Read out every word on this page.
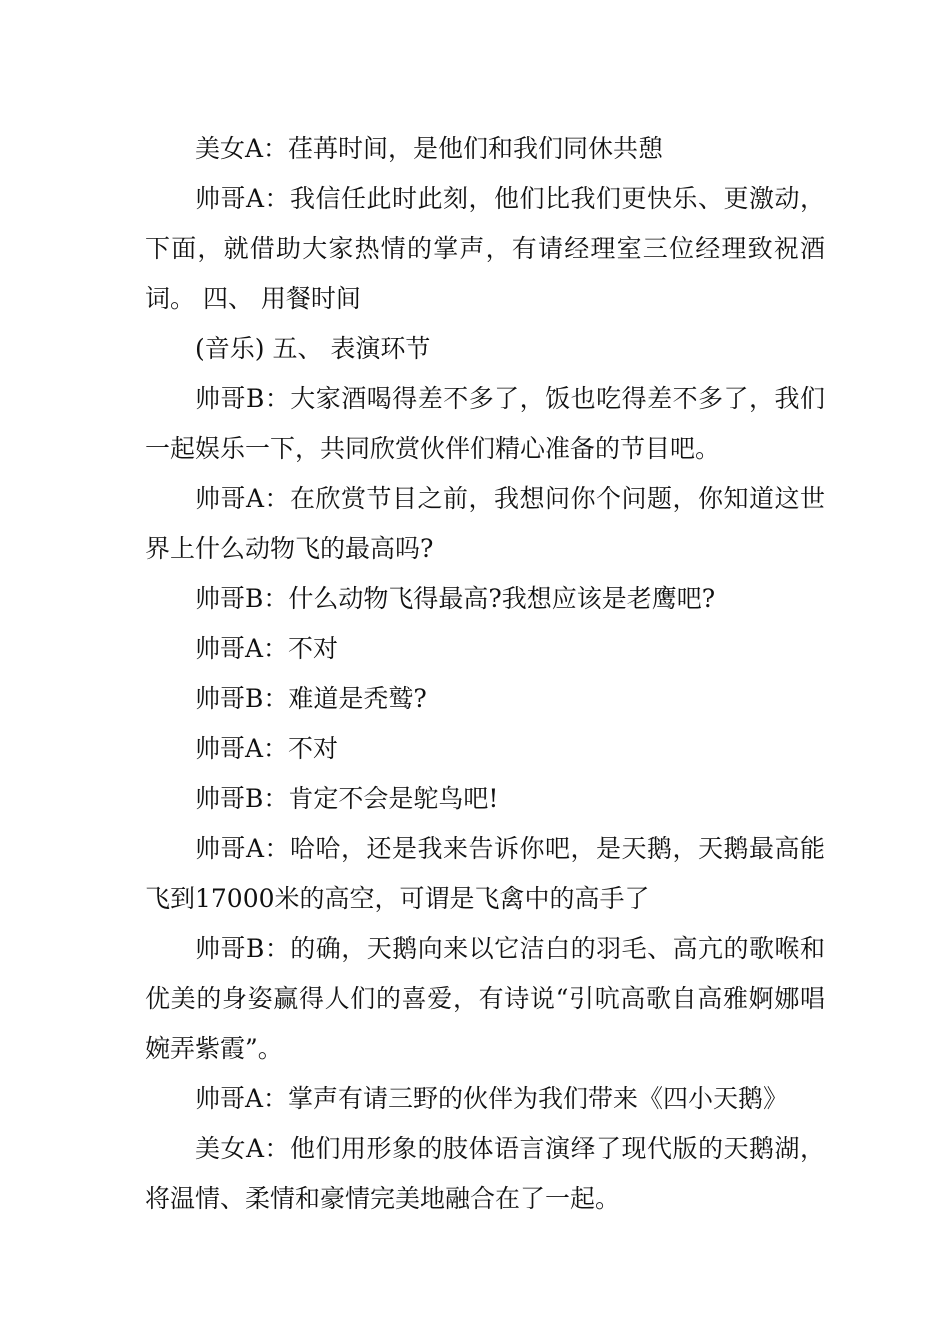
美女A：荏苒时间，是他们和我们同休共憩

帅哥A：我信任此时此刻，他们比我们更快乐、更激动，下面，就借助大家热情的掌声，有请经理室三位经理致祝酒词。 四、 用餐时间

(音乐) 五、 表演环节

帅哥B：大家酒喝得差不多了，饭也吃得差不多了，我们一起娱乐一下，共同欣赏伙伴们精心准备的节目吧。

帅哥A：在欣赏节目之前，我想问你个问题，你知道这世界上什么动物飞的最高吗?

帅哥B：什么动物飞得最高?我想应该是老鹰吧?

帅哥A：不对

帅哥B：难道是秃鹫?

帅哥A：不对

帅哥B：肯定不会是鸵鸟吧!

帅哥A：哈哈，还是我来告诉你吧，是天鹅，天鹅最高能飞到17000米的高空，可谓是飞禽中的高手了

帅哥B：的确，天鹅向来以它洁白的羽毛、高亢的歌喉和优美的身姿赢得人们的喜爱，有诗说“引吭高歌自高雅婀娜唱婉弄紫霞”。

帅哥A：掌声有请三野的伙伴为我们带来《四小天鹅》

美女A：他们用形象的肢体语言演绎了现代版的天鹅湖，将温情、柔情和豪情完美地融合在了一起。
